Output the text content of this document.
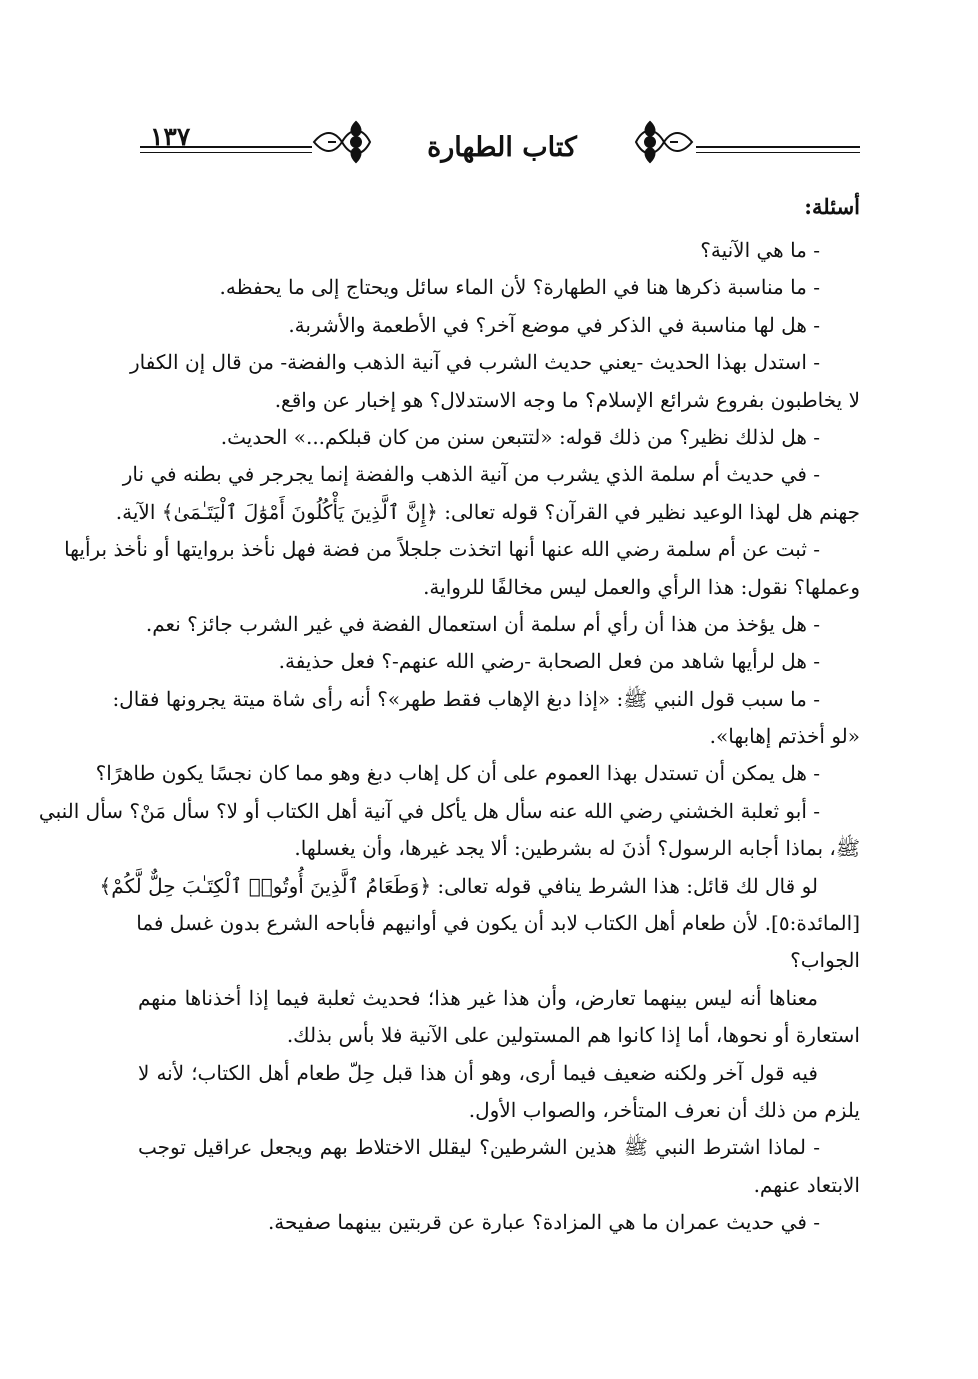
١٣٧	كتاب الطهارة
أسئلة:
- ما هي الآنية؟
- ما مناسبة ذكرها هنا في الطهارة؟ لأن الماء سائل ويحتاج إلى ما يحفظه.
- هل لها مناسبة في الذكر في موضع آخر؟ في الأطعمة والأشربة.
- استدل بهذا الحديث -يعني حديث الشرب في آنية الذهب والفضة- من قال إن الكفار
لا يخاطبون بفروع شرائع الإسلام؟ ما وجه الاستدلال؟ هو إخبار عن واقع.
- هل لذلك نظير؟ من ذلك قوله: «لتتبعن سنن من كان قبلكم...» الحديث.
- في حديث أم سلمة الذي يشرب من آنية الذهب والفضة إنما يجرجر في بطنه في نار
جهنم هل لهذا الوعيد نظير في القرآن؟ قوله تعالى: ﴿إِنَّ ٱلَّذِينَ يَأْكُلُونَ أَمْوَٰلَ ٱلْيَتَـٰمَىٰ﴾ الآية.
- ثبت عن أم سلمة رضي الله عنها أنها اتخذت جلجلاً من فضة فهل نأخذ بروايتها أو نأخذ برأيها
وعملها؟ نقول: هذا الرأي والعمل ليس مخالفًا للرواية.
- هل يؤخذ من هذا أن رأي أم سلمة أن استعمال الفضة في غير الشرب جائز؟ نعم.
- هل لرأيها شاهد من فعل الصحابة -رضي الله عنهم-؟ فعل حذيفة.
- ما سبب قول النبي ﷺ: «إذا دبغ الإهاب فقط طهر»؟ أنه رأى شاة ميتة يجرونها فقال:
«لو أخذتم إهابها».
- هل يمكن أن تستدل بهذا العموم على أن كل إهاب دبغ وهو مما كان نجسًا يكون طاهرًا؟
- أبو ثعلبة الخشني رضي الله عنه سأل هل يأكل في آنية أهل الكتاب أو لا؟ سأل مَنْ؟ سأل النبي
ﷺ، بماذا أجابه الرسول؟ أذنَ له بشرطين: ألا يجد غيرها، وأن يغسلها.
لو قال لك قائل: هذا الشرط ينافي قوله تعالى: ﴿وَطَعَامُ ٱلَّذِينَ أُوتُوا۟ ٱلْكِتَـٰبَ حِلٌّ لَّكُمْ﴾
[المائدة:٥]. لأن طعام أهل الكتاب لابد أن يكون في أوانيهم فأباحه الشرع بدون غسل فما
الجواب؟
معناها أنه ليس بينهما تعارض، وأن هذا غير هذا؛ فحديث ثعلبة فيما إذا أخذناها منهم
استعارة أو نحوها، أما إذا كانوا هم المستولين على الآنية فلا بأس بذلك.
فيه قول آخر ولكنه ضعيف فيما أرى، وهو أن هذا قبل حِلّ طعام أهل الكتاب؛ لأنه لا
يلزم من ذلك أن نعرف المتأخر، والصواب الأول.
- لماذا اشترط النبي ﷺ هذين الشرطين؟ ليقلل الاختلاط بهم ويجعل عراقيل توجب
الابتعاد عنهم.
- في حديث عمران ما هي المزادة؟ عبارة عن قربتين بينهما صفيحة.
